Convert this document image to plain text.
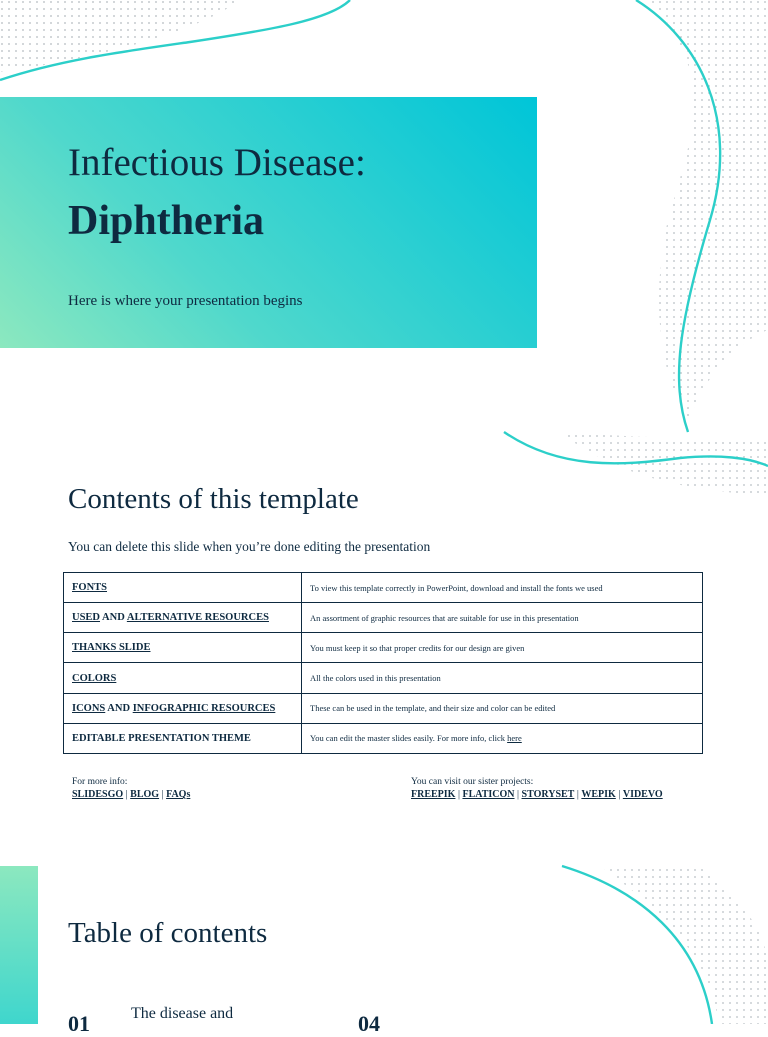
Infectious Disease:
Diphtheria
Here is where your presentation begins
Contents of this template
You can delete this slide when you’re done editing the presentation
FONTS	To view this template correctly in PowerPoint, download and install the fonts we used
USED AND ALTERNATIVE RESOURCES	An assortment of graphic resources that are suitable for use in this presentation
THANKS SLIDE	You must keep it so that proper credits for our design are given
COLORS	All the colors used in this presentation
ICONS AND INFOGRAPHIC RESOURCES	These can be used in the template, and their size and color can be edited
EDITABLE PRESENTATION THEME	You can edit the master slides easily. For more info, click here
For more info:
SLIDESGO | BLOG | FAQs
You can visit our sister projects:
FREEPIK | FLATICON | STORYSET | WEPIK | VIDEVO
Table of contents
01	The disease and	04
